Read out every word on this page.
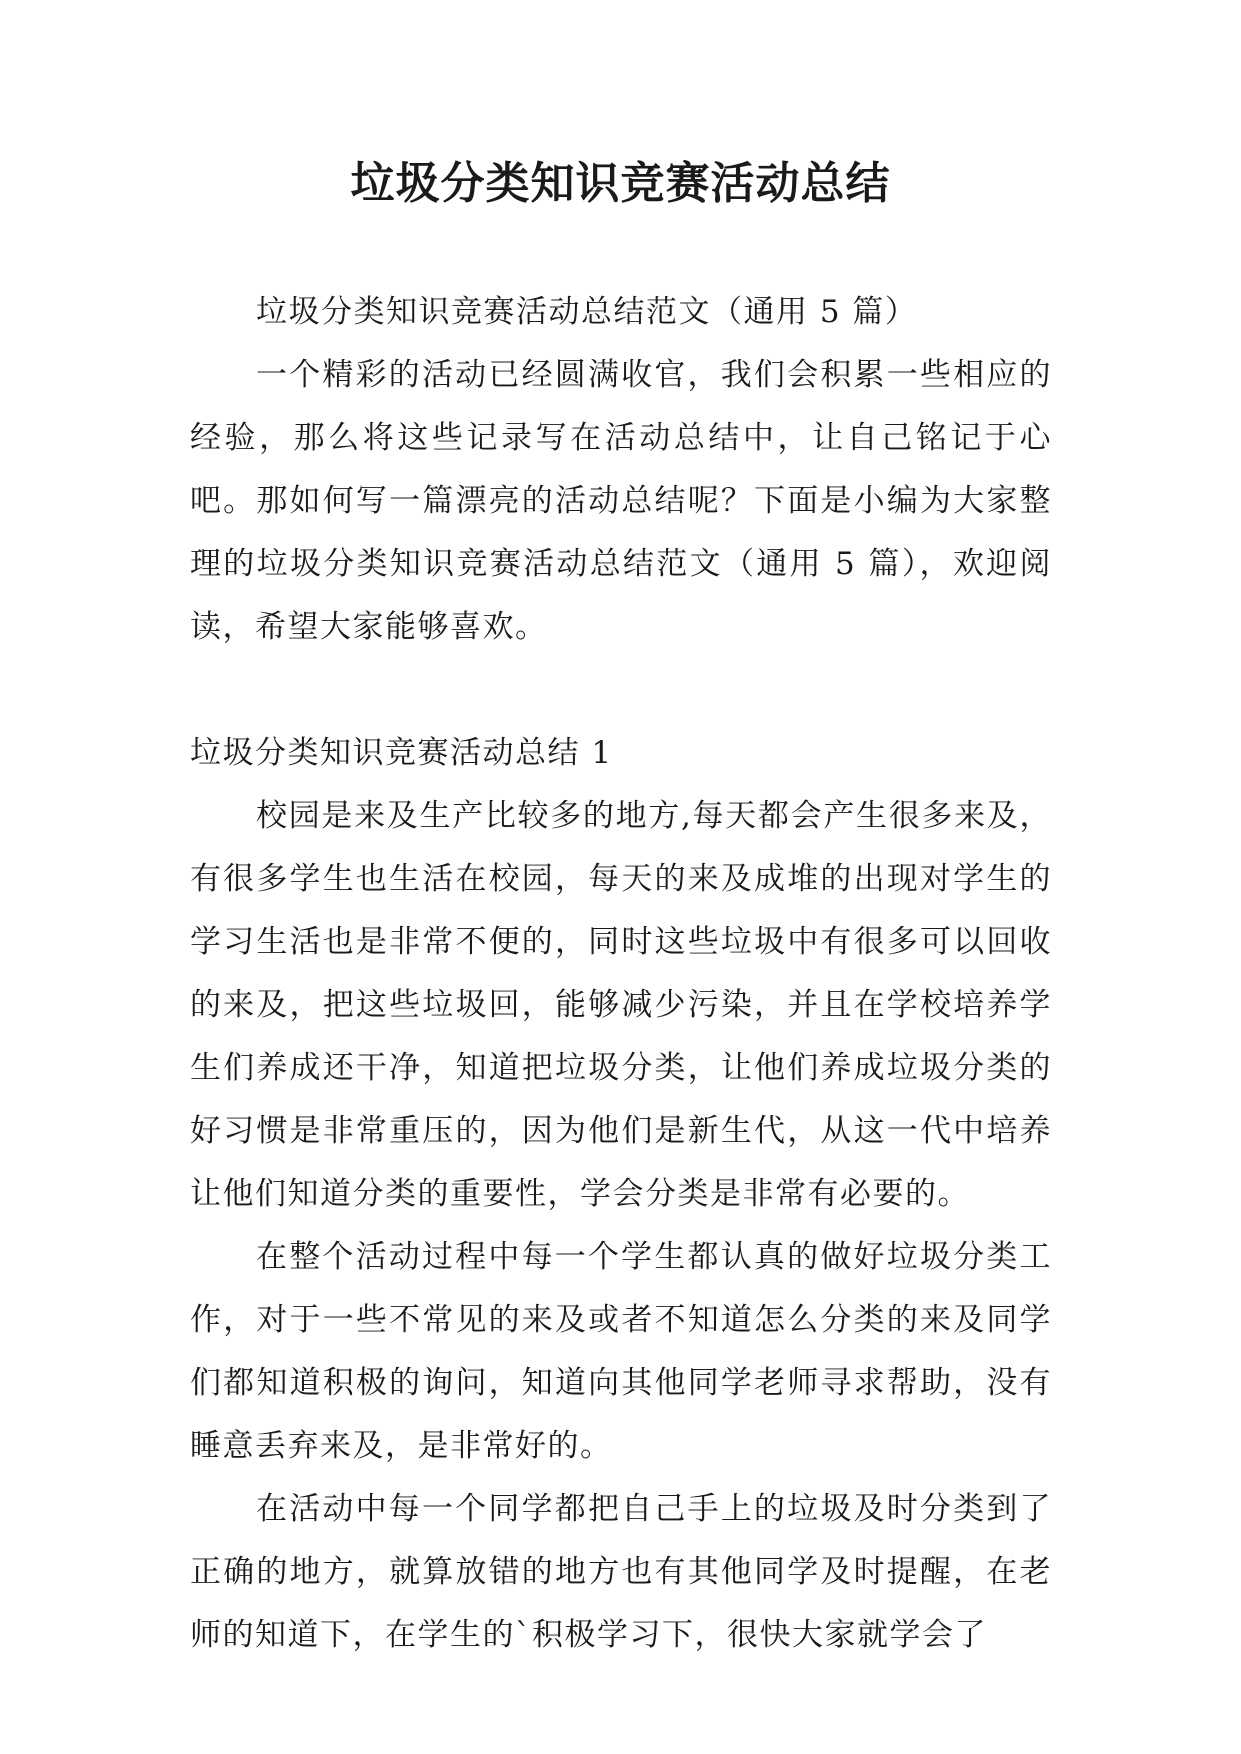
垃圾分类知识竞赛活动总结

垃圾分类知识竞赛活动总结范文（通用 5 篇）

一个精彩的活动已经圆满收官，我们会积累一些相应的经验，那么将这些记录写在活动总结中，让自己铭记于心吧。那如何写一篇漂亮的活动总结呢？下面是小编为大家整理的垃圾分类知识竞赛活动总结范文（通用 5 篇），欢迎阅读，希望大家能够喜欢。

垃圾分类知识竞赛活动总结 1

校园是来及生产比较多的地方,每天都会产生很多来及，有很多学生也生活在校园，每天的来及成堆的出现对学生的学习生活也是非常不便的，同时这些垃圾中有很多可以回收的来及，把这些垃圾回，能够减少污染，并且在学校培养学生们养成还干净，知道把垃圾分类，让他们养成垃圾分类的好习惯是非常重压的，因为他们是新生代，从这一代中培养让他们知道分类的重要性，学会分类是非常有必要的。

在整个活动过程中每一个学生都认真的做好垃圾分类工作，对于一些不常见的来及或者不知道怎么分类的来及同学们都知道积极的询问，知道向其他同学老师寻求帮助，没有睡意丢弃来及，是非常好的。

在活动中每一个同学都把自己手上的垃圾及时分类到了正确的地方，就算放错的地方也有其他同学及时提醒，在老师的知道下，在学生的`积极学习下，很快大家就学会了
